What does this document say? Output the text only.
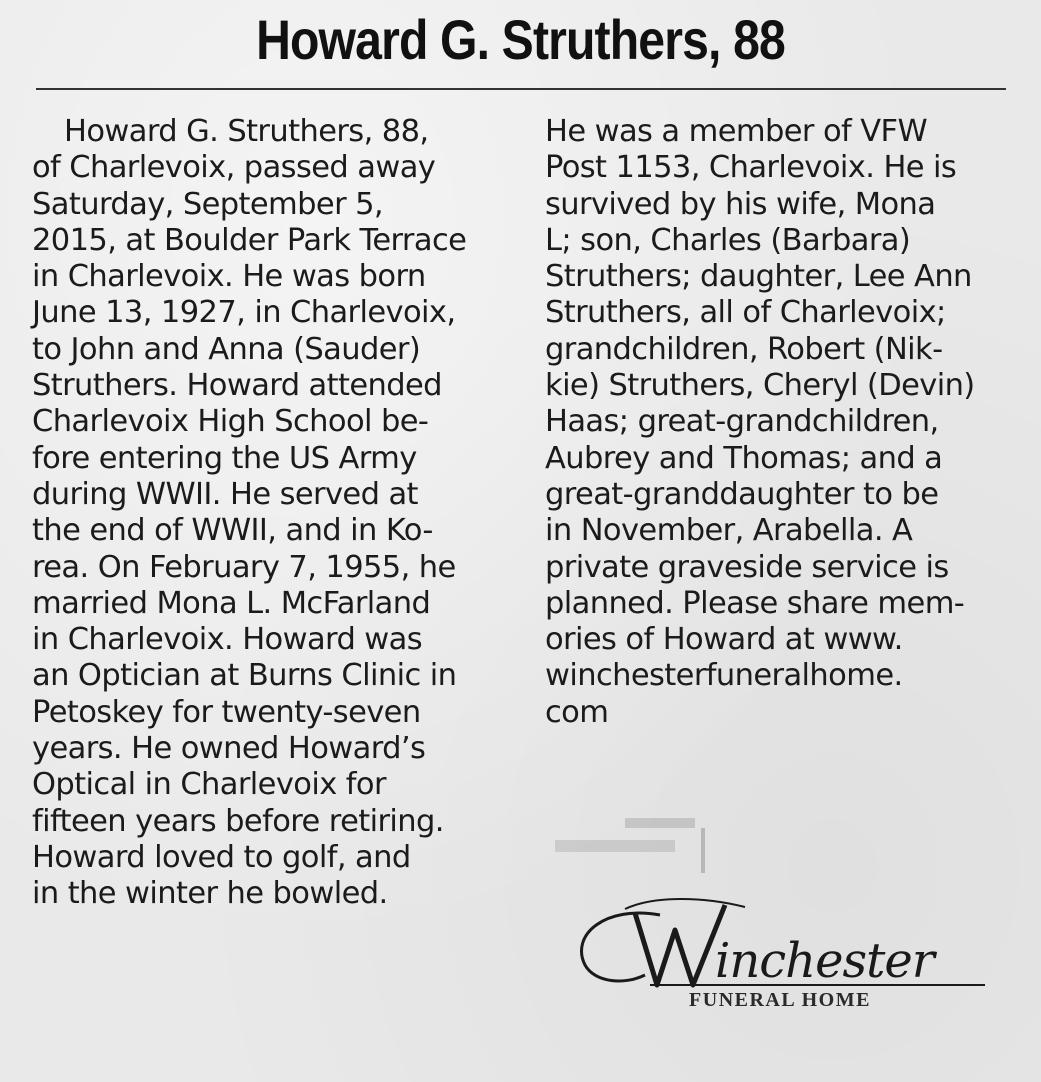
Howard G. Struthers, 88
Howard G. Struthers, 88,
of Charlevoix, passed away
Saturday, September 5,
2015, at Boulder Park Terrace
in Charlevoix. He was born
June 13, 1927, in Charlevoix,
to John and Anna (Sauder)
Struthers. Howard attended
Charlevoix High School be-
fore entering the US Army
during WWII. He served at
the end of WWII, and in Ko-
rea. On February 7, 1955, he
married Mona L. McFarland
in Charlevoix. Howard was
an Optician at Burns Clinic in
Petoskey for twenty-seven
years. He owned Howard’s
Optical in Charlevoix for
fifteen years before retiring.
Howard loved to golf, and
in the winter he bowled.
He was a member of VFW
Post 1153, Charlevoix. He is
survived by his wife, Mona
L; son, Charles (Barbara)
Struthers; daughter, Lee Ann
Struthers, all of Charlevoix;
grandchildren, Robert (Nik-
kie) Struthers, Cheryl (Devin)
Haas; great-grandchildren,
Aubrey and Thomas; and a
great-granddaughter to be
in November, Arabella. A
private graveside service is
planned. Please share mem-
ories of Howard at www.
winchesterfuneralhome.
com
inchester
FUNERAL HOME
